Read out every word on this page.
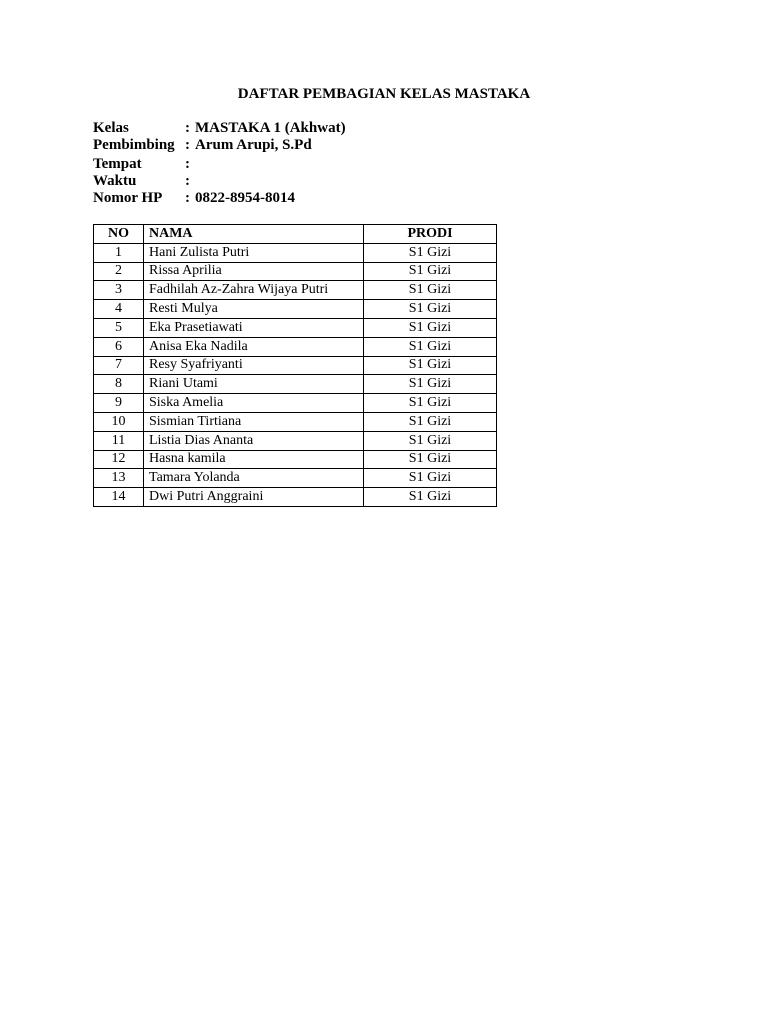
DAFTAR PEMBAGIAN KELAS MASTAKA
Kelas	: MASTAKA 1 (Akhwat)
Pembimbing : Arum Arupi, S.Pd
Tempat	:
Waktu	:
Nomor HP	: 0822-8954-8014
NO	NAMA	PRODI
1	Hani Zulista Putri	S1 Gizi
2	Rissa Aprilia	S1 Gizi
3	Fadhilah Az-Zahra Wijaya Putri	S1 Gizi
4	Resti Mulya	S1 Gizi
5	Eka Prasetiawati	S1 Gizi
6	Anisa Eka Nadila	S1 Gizi
7	Resy Syafriyanti	S1 Gizi
8	Riani Utami	S1 Gizi
9	Siska Amelia	S1 Gizi
10	Sismian Tirtiana	S1 Gizi
11	Listia Dias Ananta	S1 Gizi
12	Hasna kamila	S1 Gizi
13	Tamara Yolanda	S1 Gizi
14	Dwi Putri Anggraini	S1 Gizi
